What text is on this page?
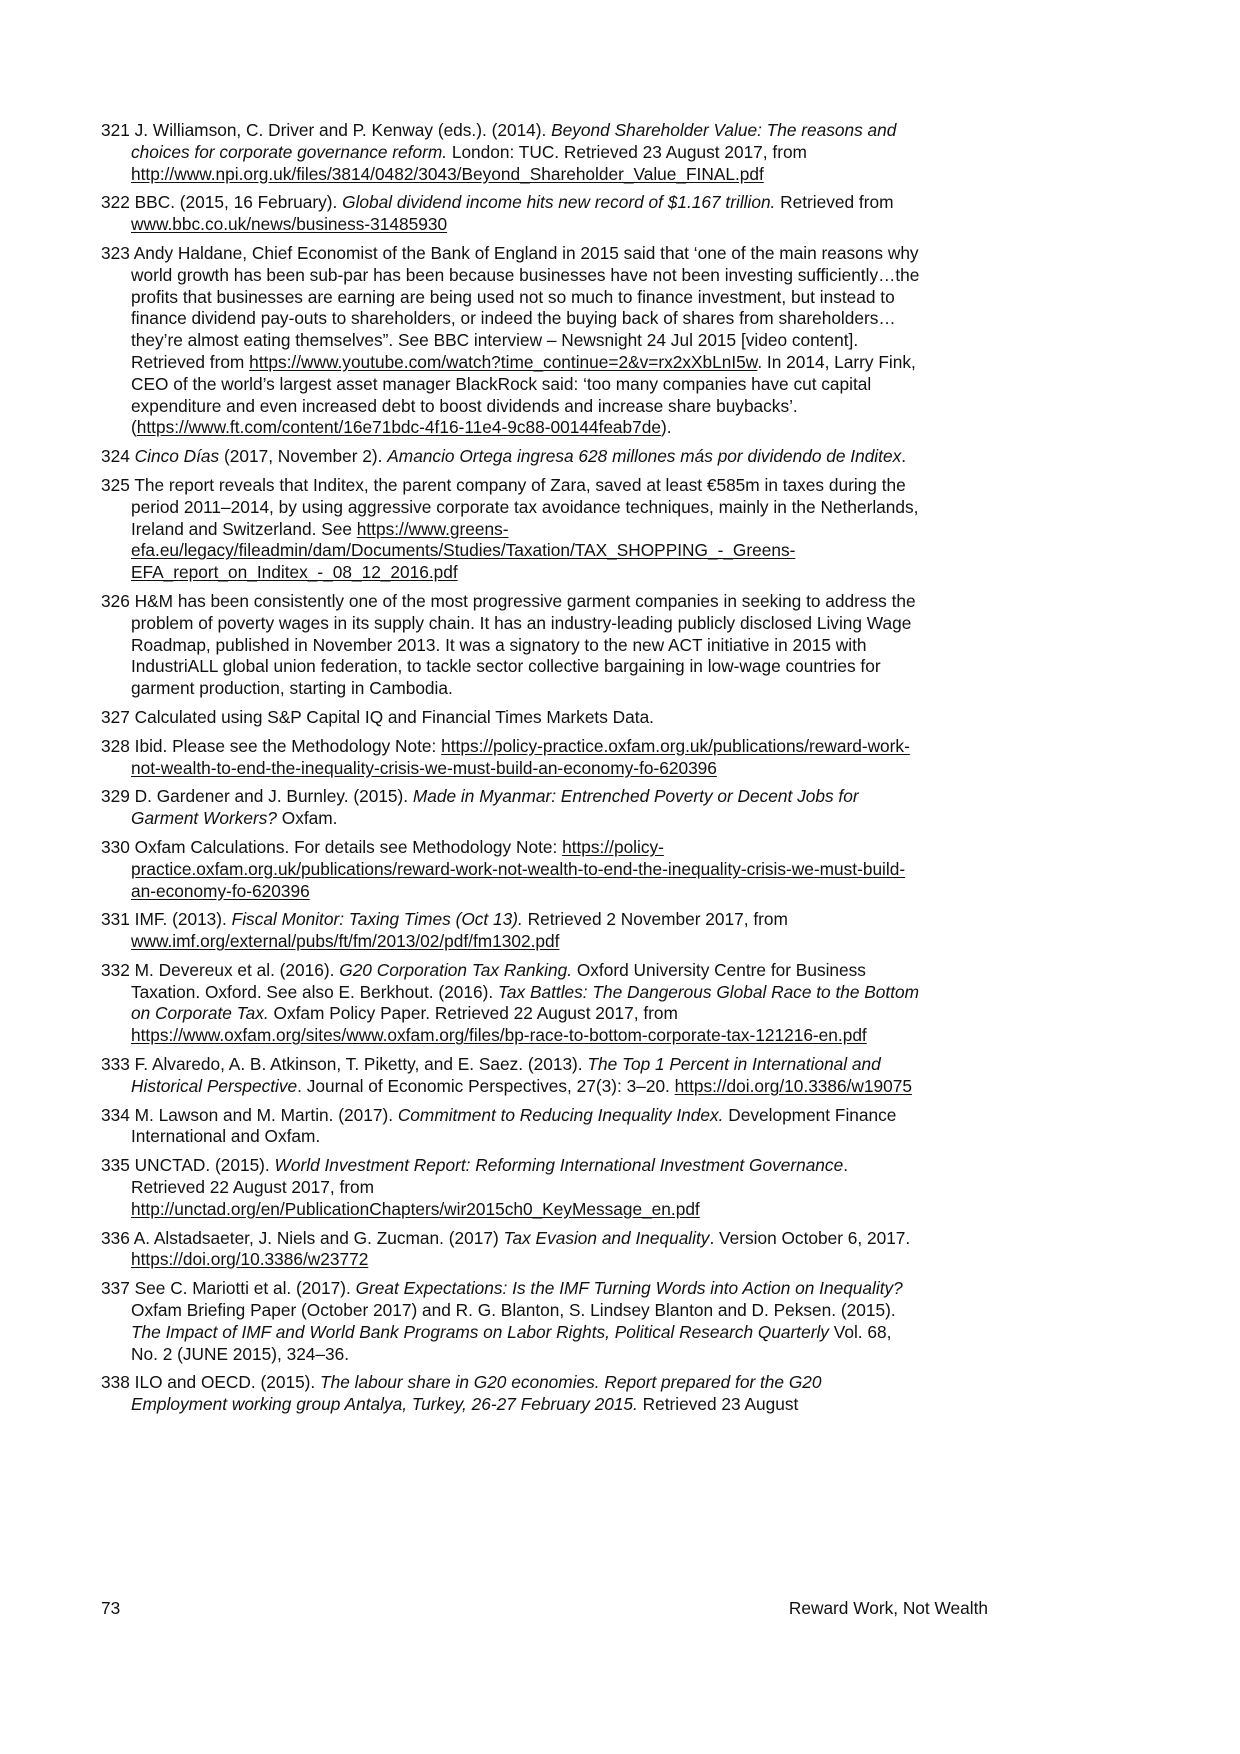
321 J. Williamson, C. Driver and P. Kenway (eds.). (2014). Beyond Shareholder Value: The reasons and choices for corporate governance reform. London: TUC. Retrieved 23 August 2017, from http://www.npi.org.uk/files/3814/0482/3043/Beyond_Shareholder_Value_FINAL.pdf

322 BBC. (2015, 16 February). Global dividend income hits new record of $1.167 trillion. Retrieved from www.bbc.co.uk/news/business-31485930

323 Andy Haldane, Chief Economist of the Bank of England in 2015 said that ‘one of the main reasons why world growth has been sub-par has been because businesses have not been investing sufficiently…the profits that businesses are earning are being used not so much to finance investment, but instead to finance dividend pay-outs to shareholders, or indeed the buying back of shares from shareholders…they’re almost eating themselves”. See BBC interview – Newsnight 24 Jul 2015 [video content]. Retrieved from https://www.youtube.com/watch?time_continue=2&v=rx2xXbLnI5w. In 2014, Larry Fink, CEO of the world’s largest asset manager BlackRock said: ‘too many companies have cut capital expenditure and even increased debt to boost dividends and increase share buybacks’. (https://www.ft.com/content/16e71bdc-4f16-11e4-9c88-00144feab7de).

324 Cinco Días (2017, November 2). Amancio Ortega ingresa 628 millones más por dividendo de Inditex.

325 The report reveals that Inditex, the parent company of Zara, saved at least €585m in taxes during the period 2011–2014, by using aggressive corporate tax avoidance techniques, mainly in the Netherlands, Ireland and Switzerland. See https://www.greens-efa.eu/legacy/fileadmin/dam/Documents/Studies/Taxation/TAX_SHOPPING_-_Greens-EFA_report_on_Inditex_-_08_12_2016.pdf

326 H&M has been consistently one of the most progressive garment companies in seeking to address the problem of poverty wages in its supply chain. It has an industry-leading publicly disclosed Living Wage Roadmap, published in November 2013. It was a signatory to the new ACT initiative in 2015 with IndustriALL global union federation, to tackle sector collective bargaining in low-wage countries for garment production, starting in Cambodia.

327 Calculated using S&P Capital IQ and Financial Times Markets Data.

328 Ibid. Please see the Methodology Note: https://policy-practice.oxfam.org.uk/publications/reward-work-not-wealth-to-end-the-inequality-crisis-we-must-build-an-economy-fo-620396

329 D. Gardener and J. Burnley. (2015). Made in Myanmar: Entrenched Poverty or Decent Jobs for Garment Workers? Oxfam.

330 Oxfam Calculations. For details see Methodology Note: https://policy-practice.oxfam.org.uk/publications/reward-work-not-wealth-to-end-the-inequality-crisis-we-must-build-an-economy-fo-620396

331 IMF. (2013). Fiscal Monitor: Taxing Times (Oct 13). Retrieved 2 November 2017, from www.imf.org/external/pubs/ft/fm/2013/02/pdf/fm1302.pdf

332 M. Devereux et al. (2016). G20 Corporation Tax Ranking. Oxford University Centre for Business Taxation. Oxford. See also E. Berkhout. (2016). Tax Battles: The Dangerous Global Race to the Bottom on Corporate Tax. Oxfam Policy Paper. Retrieved 22 August 2017, from https://www.oxfam.org/sites/www.oxfam.org/files/bp-race-to-bottom-corporate-tax-121216-en.pdf

333 F. Alvaredo, A. B. Atkinson, T. Piketty, and E. Saez. (2013). The Top 1 Percent in International and Historical Perspective. Journal of Economic Perspectives, 27(3): 3–20. https://doi.org/10.3386/w19075

334 M. Lawson and M. Martin. (2017). Commitment to Reducing Inequality Index. Development Finance International and Oxfam.

335 UNCTAD. (2015). World Investment Report: Reforming International Investment Governance. Retrieved 22 August 2017, from http://unctad.org/en/PublicationChapters/wir2015ch0_KeyMessage_en.pdf

336 A. Alstadsaeter, J. Niels and G. Zucman. (2017) Tax Evasion and Inequality. Version October 6, 2017. https://doi.org/10.3386/w23772

337 See C. Mariotti et al. (2017). Great Expectations: Is the IMF Turning Words into Action on Inequality? Oxfam Briefing Paper (October 2017) and R. G. Blanton, S. Lindsey Blanton and D. Peksen. (2015). The Impact of IMF and World Bank Programs on Labor Rights, Political Research Quarterly Vol. 68, No. 2 (JUNE 2015), 324–36.

338 ILO and OECD. (2015). The labour share in G20 economies. Report prepared for the G20 Employment working group Antalya, Turkey, 26-27 February 2015. Retrieved 23 August

73	Reward Work, Not Wealth
